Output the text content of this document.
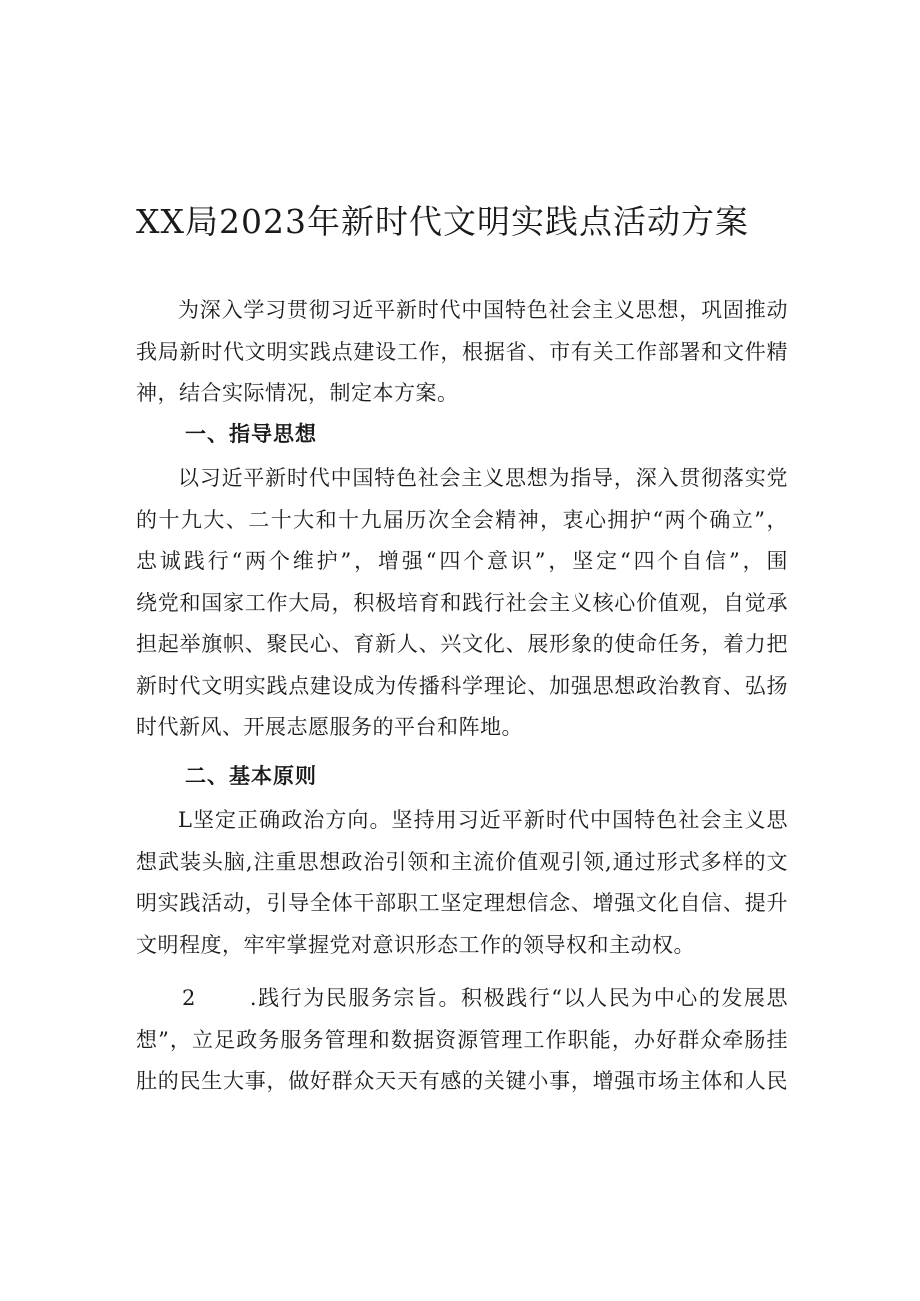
XX局2023年新时代文明实践点活动方案
为深入学习贯彻习近平新时代中国特色社会主义思想，巩固推动
我局新时代文明实践点建设工作，根据省、市有关工作部署和文件精
神，结合实际情况，制定本方案。
一、指导思想
以习近平新时代中国特色社会主义思想为指导，深入贯彻落实党
的十九大、二十大和十九届历次全会精神，衷心拥护“两个确立”，
忠诚践行“两个维护”，增强“四个意识”，坚定“四个自信”，围
绕党和国家工作大局，积极培育和践行社会主义核心价值观，自觉承
担起举旗帜、聚民心、育新人、兴文化、展形象的使命任务，着力把
新时代文明实践点建设成为传播科学理论、加强思想政治教育、弘扬
时代新风、开展志愿服务的平台和阵地。
二、基本原则
L坚定正确政治方向。坚持用习近平新时代中国特色社会主义思
想武装头脑,注重思想政治引领和主流价值观引领,通过形式多样的文
明实践活动，引导全体干部职工坚定理想信念、增强文化自信、提升
文明程度，牢牢掌握党对意识形态工作的领导权和主动权。
2	.践行为民服务宗旨。积极践行“以人民为中心的发展思
想”，立足政务服务管理和数据资源管理工作职能，办好群众牵肠挂
肚的民生大事，做好群众天天有感的关键小事，增强市场主体和人民
